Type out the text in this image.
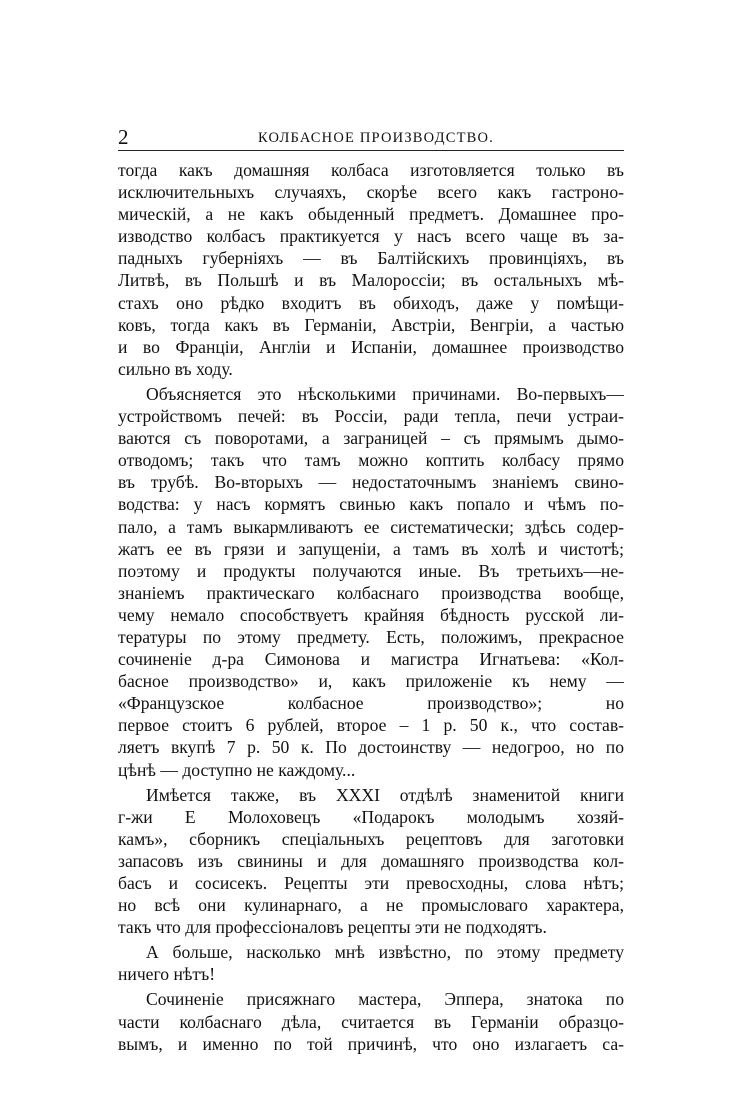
2	КОЛБАСНОЕ ПРОИЗВОДСТВО.
тогда какъ домашняя колбаса изготовляется только въ
исключительныхъ случаяхъ, скорѣе всего какъ гастроно-
мическій, а не какъ обыденный предметъ. Домашнее про-
изводство колбасъ практикуется у насъ всего чаще въ за-
падныхъ губерніяхъ — въ Балтійскихъ провинціяхъ, въ
Литвѣ, въ Польшѣ и въ Малороссіи; въ остальныхъ мѣ-
стахъ оно рѣдко входитъ въ обиходъ, даже у помѣщи-
ковъ, тогда какъ въ Германіи, Австріи, Венгріи, а частью
и во Франціи, Англіи и Испаніи, домашнее производство
сильно въ ходу.
Объясняется это нѣсколькими причинами. Во-первыхъ—
устройствомъ печей: въ Россіи, ради тепла, печи устраи-
ваются съ поворотами, а заграницей – съ прямымъ дымо-
отводомъ; такъ что тамъ можно коптить колбасу прямо
въ трубѣ. Во-вторыхъ — недостаточнымъ знаніемъ свино-
водства: у насъ кормятъ свинью какъ попало и чѣмъ по-
пало, а тамъ выкармливаютъ ее систематически; здѣсь содер-
жатъ ее въ грязи и запущеніи, а тамъ въ холѣ и чистотѣ;
поэтому и продукты получаются иные. Въ третьихъ—не-
знаніемъ практическаго колбаснаго производства вообще,
чему немало способствуетъ крайняя бѣдность русской ли-
тературы по этому предмету. Есть, положимъ, прекрасное
сочиненіе д-ра Симонова и магистра Игнатьева: «Кол-
басное производство» и, какъ приложеніе къ нему —
«Французское колбасное производство»; но
первое стоитъ 6 рублей, второе – 1 р. 50 к., что состав-
ляетъ вкупѣ 7 р. 50 к. По достоинству — недогроо, но по
цѣнѣ — доступно не каждому...
Имѣется также, въ XXXI отдѣлѣ знаменитой книги
г-жи Е Молоховецъ «Подарокъ молодымъ хозяй-
камъ», сборникъ спеціальныхъ рецептовъ для заготовки
запасовъ изъ свинины и для домашняго производства кол-
басъ и сосисекъ. Рецепты эти превосходны, слова нѣтъ;
но всѣ они кулинарнаго, а не промысловаго характера,
такъ что для профессіоналовъ рецепты эти не подходятъ.
А больше, насколько мнѣ извѣстно, по этому предмету
ничего нѣтъ!
Сочиненіе присяжнаго мастера, Эппера, знатока по
части колбаснаго дѣла, считается въ Германіи образцо-
вымъ, и именно по той причинѣ, что оно излагаетъ са-
